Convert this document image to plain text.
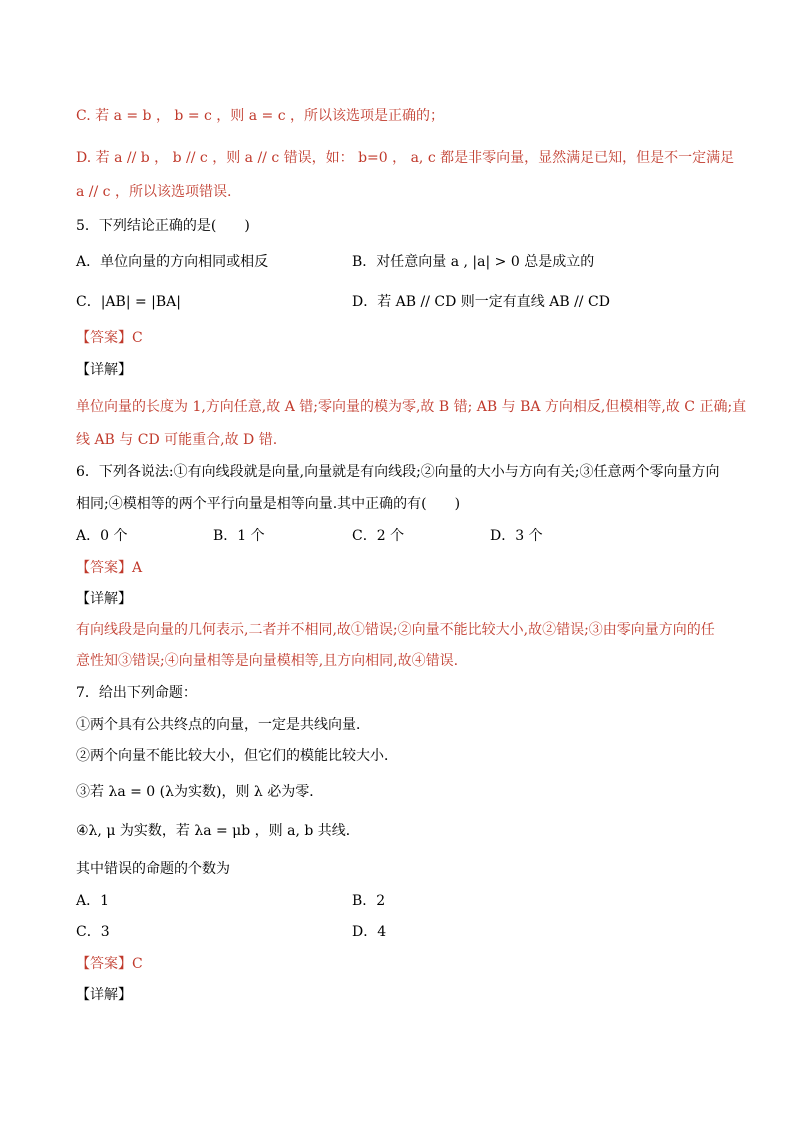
C. 若 a = b ， b = c ，则 a = c ，所以该选项是正确的；
D. 若 a // b ， b // c ，则 a // c 错误，如： b=0 ， a, c 都是非零向量，显然满足已知，但是不一定满足
a // c ，所以该选项错误.
5．下列结论正确的是(　　)
A．单位向量的方向相同或相反	B．对任意向量 a , |a| > 0 总是成立的
C．|AB| = |BA|	D．若 AB // CD 则一定有直线 AB // CD
【答案】C
【详解】
单位向量的长度为 1,方向任意,故 A 错;零向量的模为零,故 B 错; AB 与 BA 方向相反,但模相等,故 C 正确;直
线 AB 与 CD 可能重合,故 D 错.
6．下列各说法:①有向线段就是向量,向量就是有向线段;②向量的大小与方向有关;③任意两个零向量方向
相同;④模相等的两个平行向量是相等向量.其中正确的有(　　)
A．0 个	B．1 个	C．2 个	D．3 个
【答案】A
【详解】
有向线段是向量的几何表示,二者并不相同,故①错误;②向量不能比较大小,故②错误;③由零向量方向的任
意性知③错误;④向量相等是向量模相等,且方向相同,故④错误.
7．给出下列命题：
①两个具有公共终点的向量，一定是共线向量．
②两个向量不能比较大小，但它们的模能比较大小．
③若 λa = 0 (λ为实数)，则 λ 必为零．
④λ, μ 为实数，若 λa = μb ，则 a, b 共线．
其中错误的命题的个数为
A．1	B．2
C．3	D．4
【答案】C
【详解】
